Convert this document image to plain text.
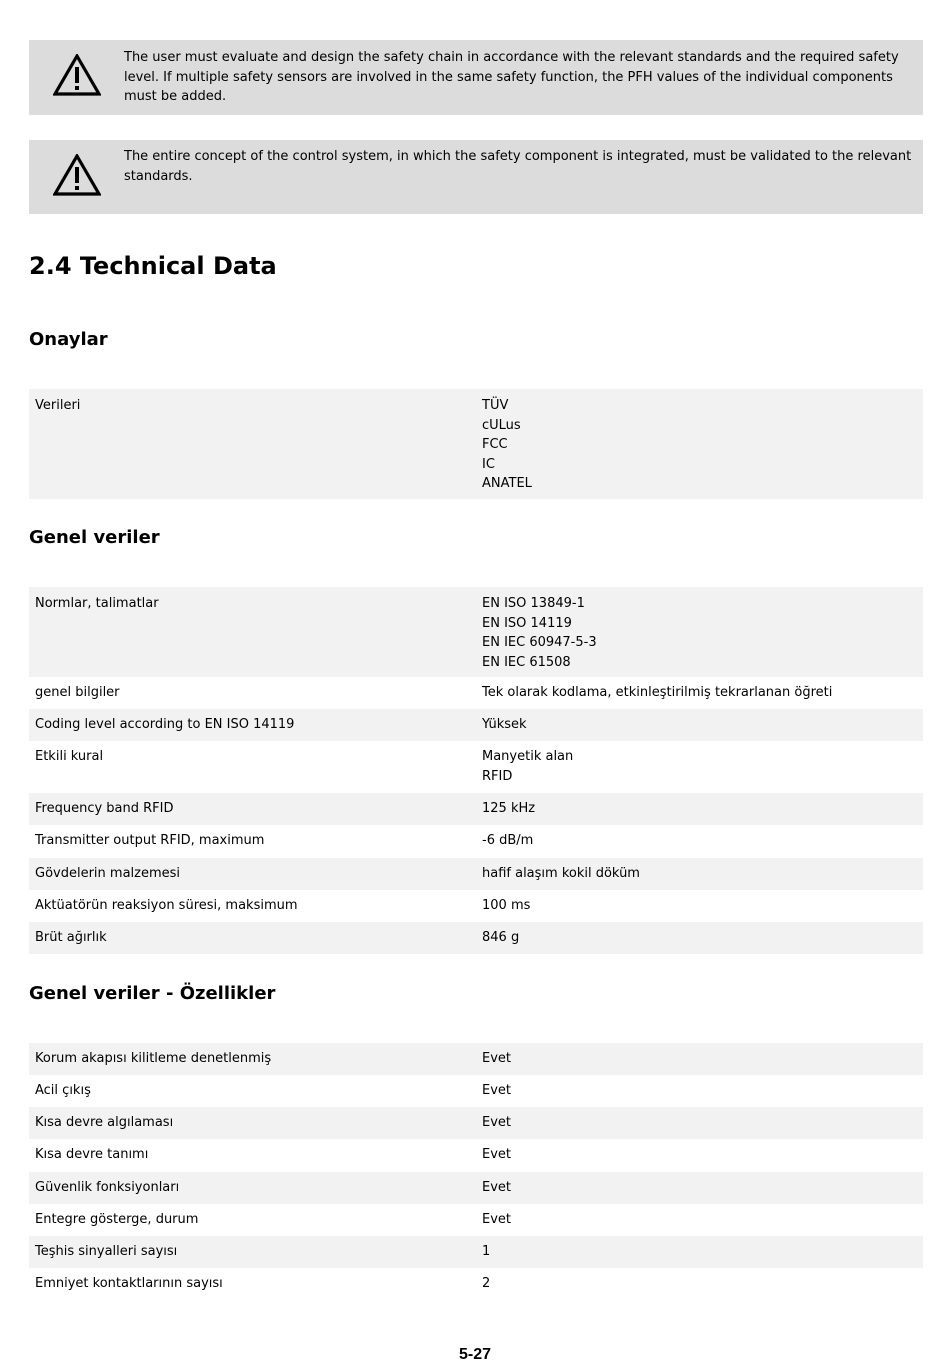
The user must evaluate and design the safety chain in accordance with the relevant standards and the required safety level. If multiple safety sensors are involved in the same safety function, the PFH values of the individual components must be added.
The entire concept of the control system, in which the safety component is integrated, must be validated to the relevant standards.
2.4 Technical Data
Onaylar
Verileri	TÜV
cULus
FCC
IC
ANATEL
Genel veriler
Normlar, talimatlar	EN ISO 13849-1
EN ISO 14119
EN IEC 60947-5-3
EN IEC 61508
genel bilgiler	Tek olarak kodlama, etkinleştirilmiş tekrarlanan öğreti
Coding level according to EN ISO 14119	Yüksek
Etkili kural	Manyetik alan
RFID
Frequency band RFID	125 kHz
Transmitter output RFID, maximum	-6 dB/m
Gövdelerin malzemesi	hafif alaşım kokil döküm
Aktüatörün reaksiyon süresi, maksimum	100 ms
Brüt ağırlık	846 g
Genel veriler - Özellikler
Korum akapısı kilitleme denetlenmiş	Evet
Acil çıkış	Evet
Kısa devre algılaması	Evet
Kısa devre tanımı	Evet
Güvenlik fonksiyonları	Evet
Entegre gösterge, durum	Evet
Teşhis sinyalleri sayısı	1
Emniyet kontaktlarının sayısı	2
5-27
